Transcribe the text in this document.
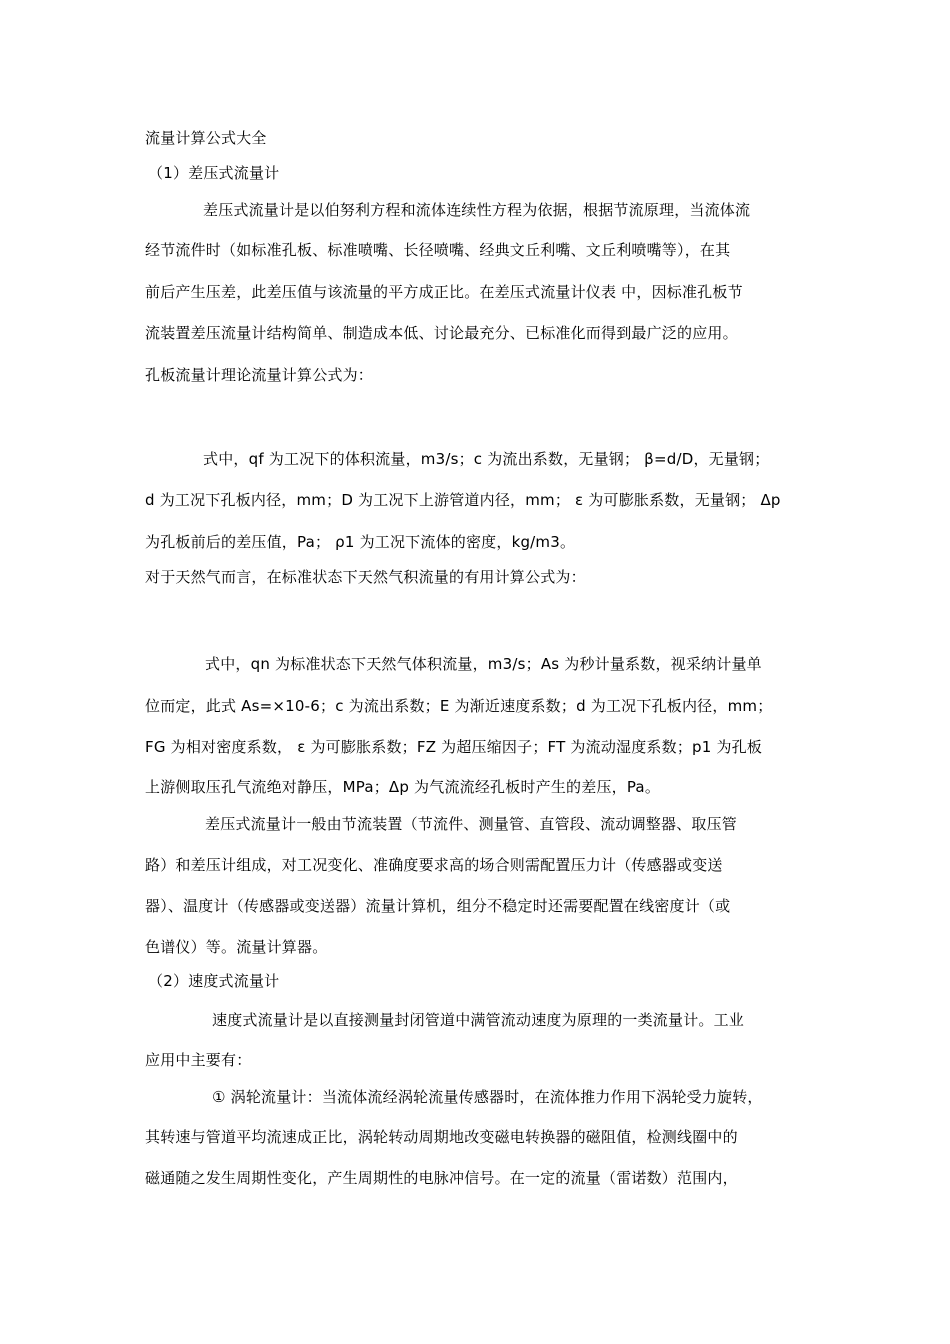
流量计算公式大全

（1）差压式流量计

差压式流量计是以伯努利方程和流体连续性方程为依据，根据节流原理，当流体流

经节流件时（如标准孔板、标准喷嘴、长径喷嘴、经典文丘利嘴、文丘利喷嘴等），在其

前后产生压差，此差压值与该流量的平方成正比。在差压式流量计仪表 中，因标准孔板节

流装置差压流量计结构简单、制造成本低、讨论最充分、已标准化而得到最广泛的应用。

孔板流量计理论流量计算公式为：

式中，qf 为工况下的体积流量，m3/s；c 为流出系数，无量钢； β=d/D，无量钢；

d 为工况下孔板内径，mm；D 为工况下上游管道内径，mm； ε 为可膨胀系数，无量钢； Δp

为孔板前后的差压值，Pa； ρ1 为工况下流体的密度，kg/m3。

对于天然气而言，在标准状态下天然气积流量的有用计算公式为：

式中，qn 为标准状态下天然气体积流量，m3/s；As 为秒计量系数，视采纳计量单

位而定，此式 As=×10-6；c 为流出系数；E 为渐近速度系数；d 为工况下孔板内径，mm；

FG 为相对密度系数， ε 为可膨胀系数；FZ 为超压缩因子；FT 为流动湿度系数；p1 为孔板

上游侧取压孔气流绝对静压，MPa；Δp 为气流流经孔板时产生的差压，Pa。

差压式流量计一般由节流装置（节流件、测量管、直管段、流动调整器、取压管

路）和差压计组成，对工况变化、准确度要求高的场合则需配置压力计（传感器或变送

器）、温度计（传感器或变送器）流量计算机，组分不稳定时还需要配置在线密度计（或

色谱仪）等。流量计算器。

（2）速度式流量计

速度式流量计是以直接测量封闭管道中满管流动速度为原理的一类流量计。工业

应用中主要有：

① 涡轮流量计：当流体流经涡轮流量传感器时，在流体推力作用下涡轮受力旋转，

其转速与管道平均流速成正比，涡轮转动周期地改变磁电转换器的磁阻值，检测线圈中的

磁通随之发生周期性变化，产生周期性的电脉冲信号。在一定的流量（雷诺数）范围内，
